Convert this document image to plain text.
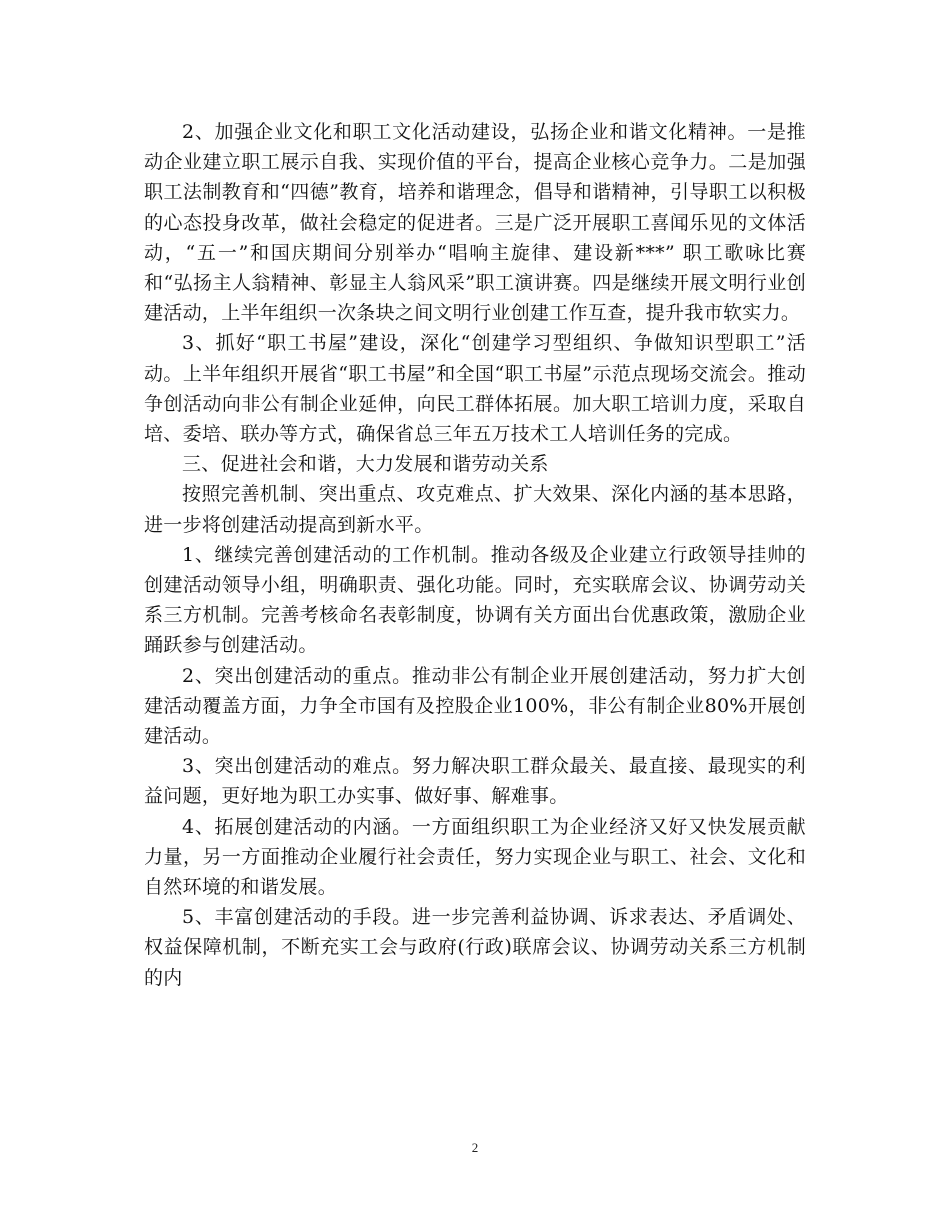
2、加强企业文化和职工文化活动建设，弘扬企业和谐文化精神。一是推动企业建立职工展示自我、实现价值的平台，提高企业核心竞争力。二是加强职工法制教育和“四德”教育，培养和谐理念，倡导和谐精神，引导职工以积极的心态投身改革，做社会稳定的促进者。三是广泛开展职工喜闻乐见的文体活动，“五一”和国庆期间分别举办“唱响主旋律、建设新***” 职工歌咏比赛和“弘扬主人翁精神、彰显主人翁风采”职工演讲赛。四是继续开展文明行业创建活动，上半年组织一次条块之间文明行业创建工作互查，提升我市软实力。

3、抓好“职工书屋”建设，深化“创建学习型组织、争做知识型职工”活动。上半年组织开展省“职工书屋”和全国“职工书屋”示范点现场交流会。推动争创活动向非公有制企业延伸，向民工群体拓展。加大职工培训力度，采取自培、委培、联办等方式，确保省总三年五万技术工人培训任务的完成。

三、促进社会和谐，大力发展和谐劳动关系

按照完善机制、突出重点、攻克难点、扩大效果、深化内涵的基本思路，进一步将创建活动提高到新水平。

1、继续完善创建活动的工作机制。推动各级及企业建立行政领导挂帅的创建活动领导小组，明确职责、强化功能。同时，充实联席会议、协调劳动关系三方机制。完善考核命名表彰制度，协调有关方面出台优惠政策，激励企业踊跃参与创建活动。

2、突出创建活动的重点。推动非公有制企业开展创建活动，努力扩大创建活动覆盖方面，力争全市国有及控股企业100%，非公有制企业80%开展创建活动。

3、突出创建活动的难点。努力解决职工群众最关、最直接、最现实的利益问题，更好地为职工办实事、做好事、解难事。

4、拓展创建活动的内涵。一方面组织职工为企业经济又好又快发展贡献力量，另一方面推动企业履行社会责任，努力实现企业与职工、社会、文化和自然环境的和谐发展。

5、丰富创建活动的手段。进一步完善利益协调、诉求表达、矛盾调处、权益保障机制，不断充实工会与政府(行政)联席会议、协调劳动关系三方机制的内

2
